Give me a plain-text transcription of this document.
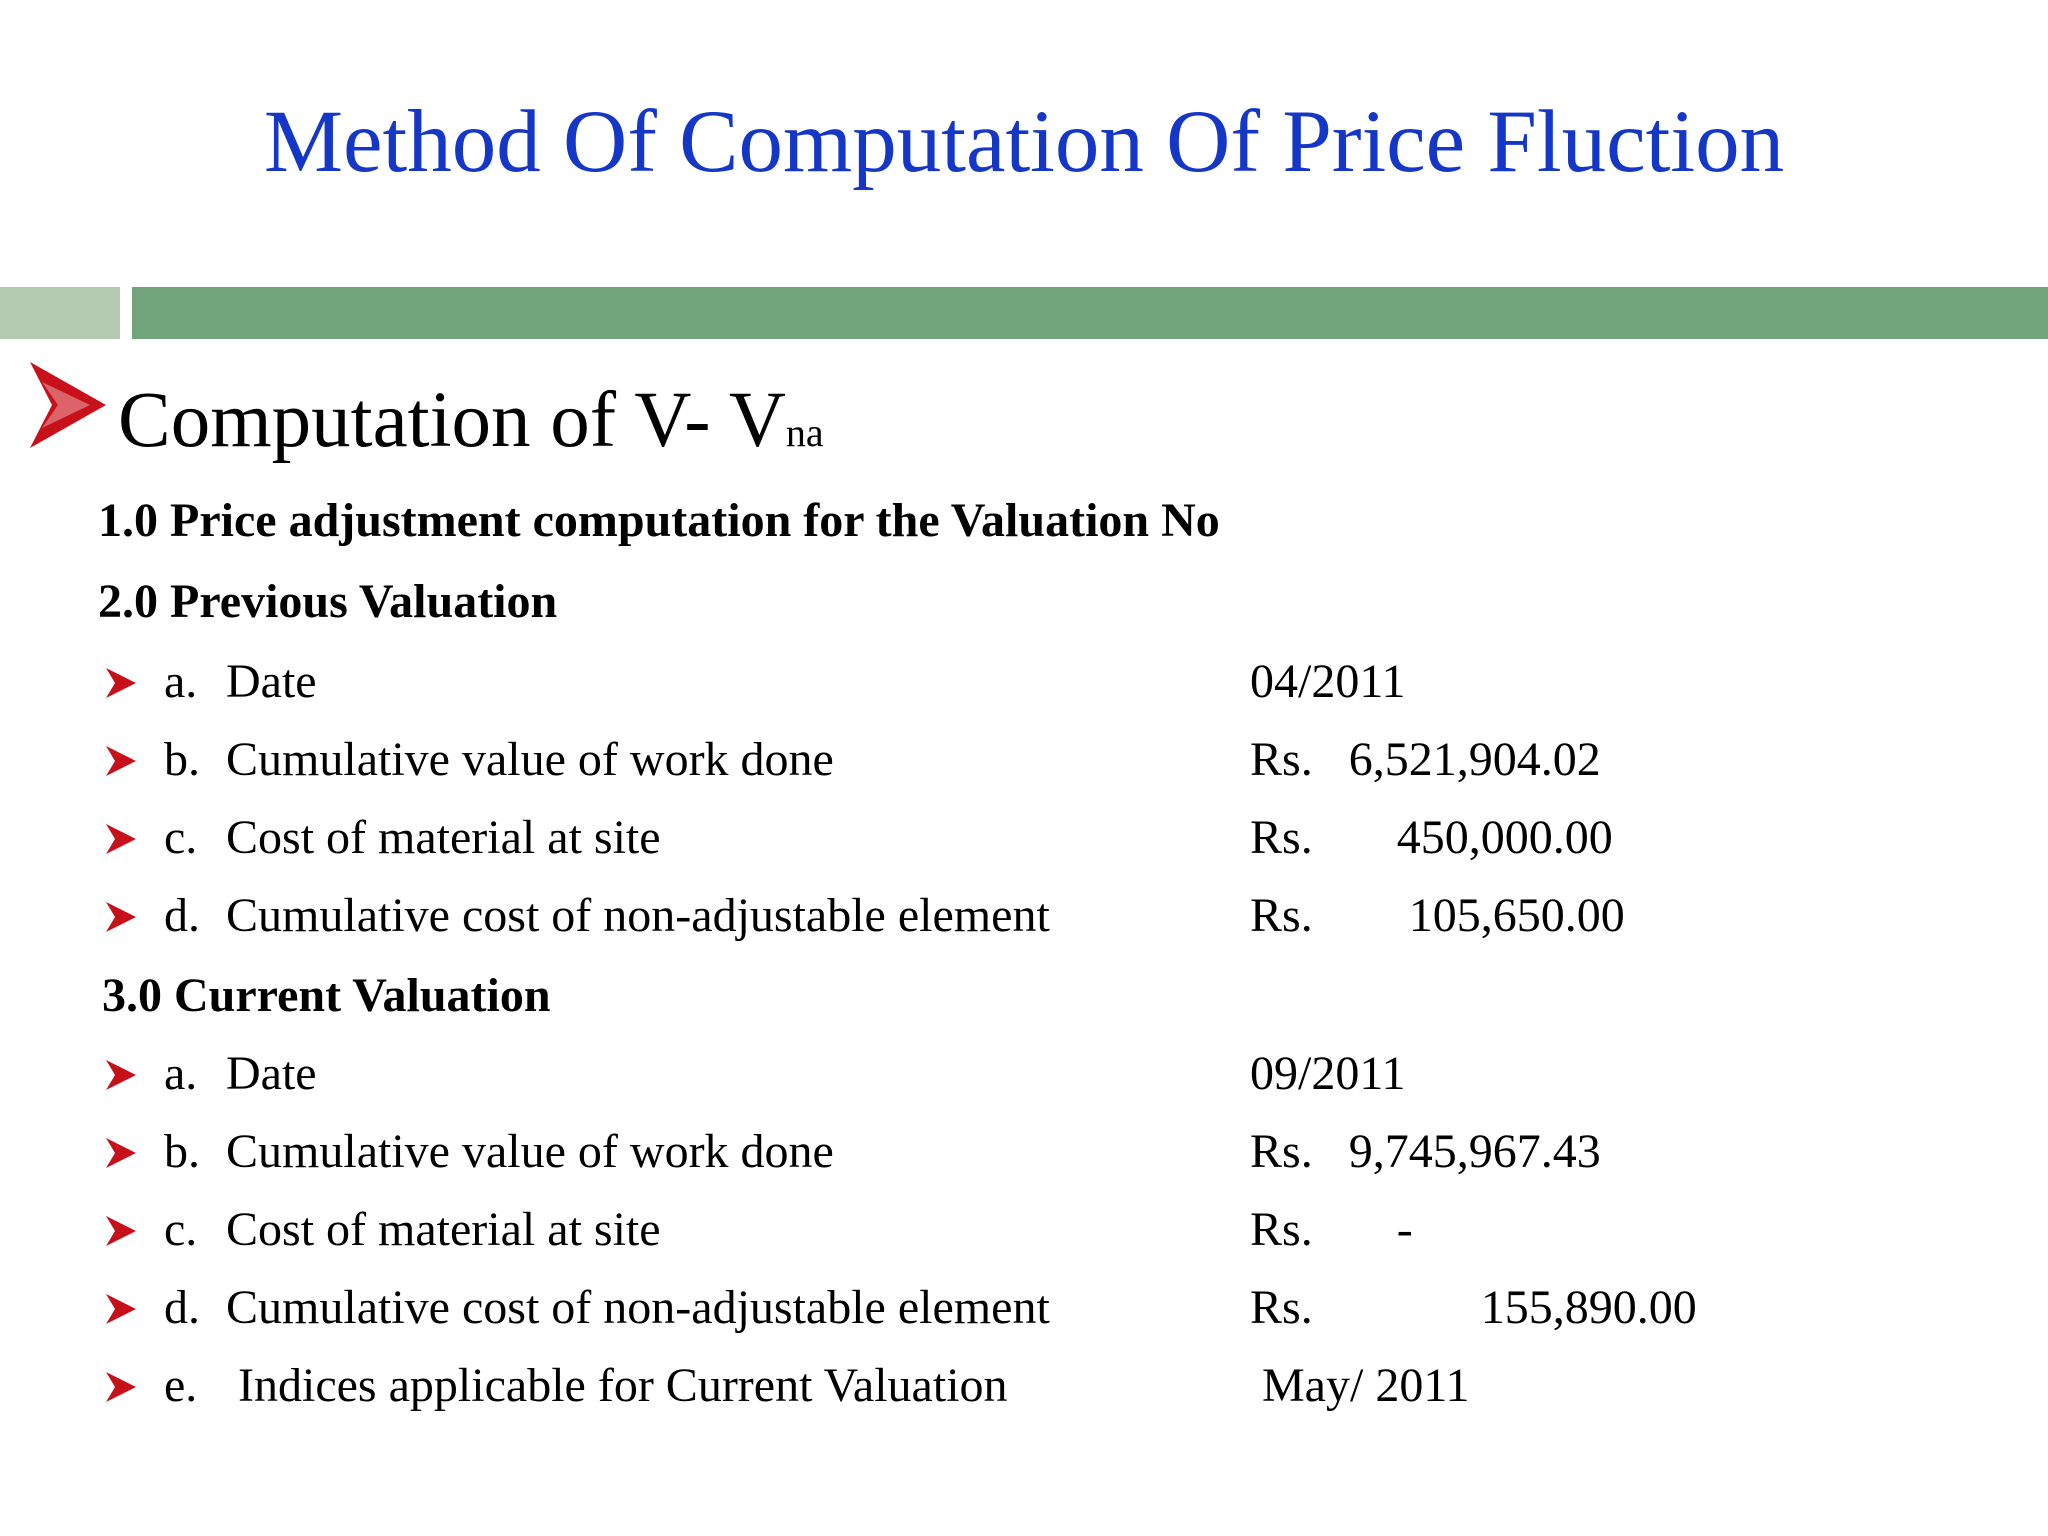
Method Of Computation Of Price Fluction
Computation of V- Vna
1.0 Price adjustment computation for the Valuation No
2.0 Previous Valuation
a. Date	04/2011
b. Cumulative value of work done	Rs.   6,521,904.02
c. Cost of material at site	Rs.       450,000.00
d. Cumulative cost of non-adjustable element	Rs.        105,650.00
3.0 Current Valuation
a. Date	09/2011
b. Cumulative value of work done	Rs.   9,745,967.43
c. Cost of material at site	Rs.       -
d. Cumulative cost of non-adjustable element	Rs.              155,890.00
e. Indices applicable for Current Valuation	May/ 2011
